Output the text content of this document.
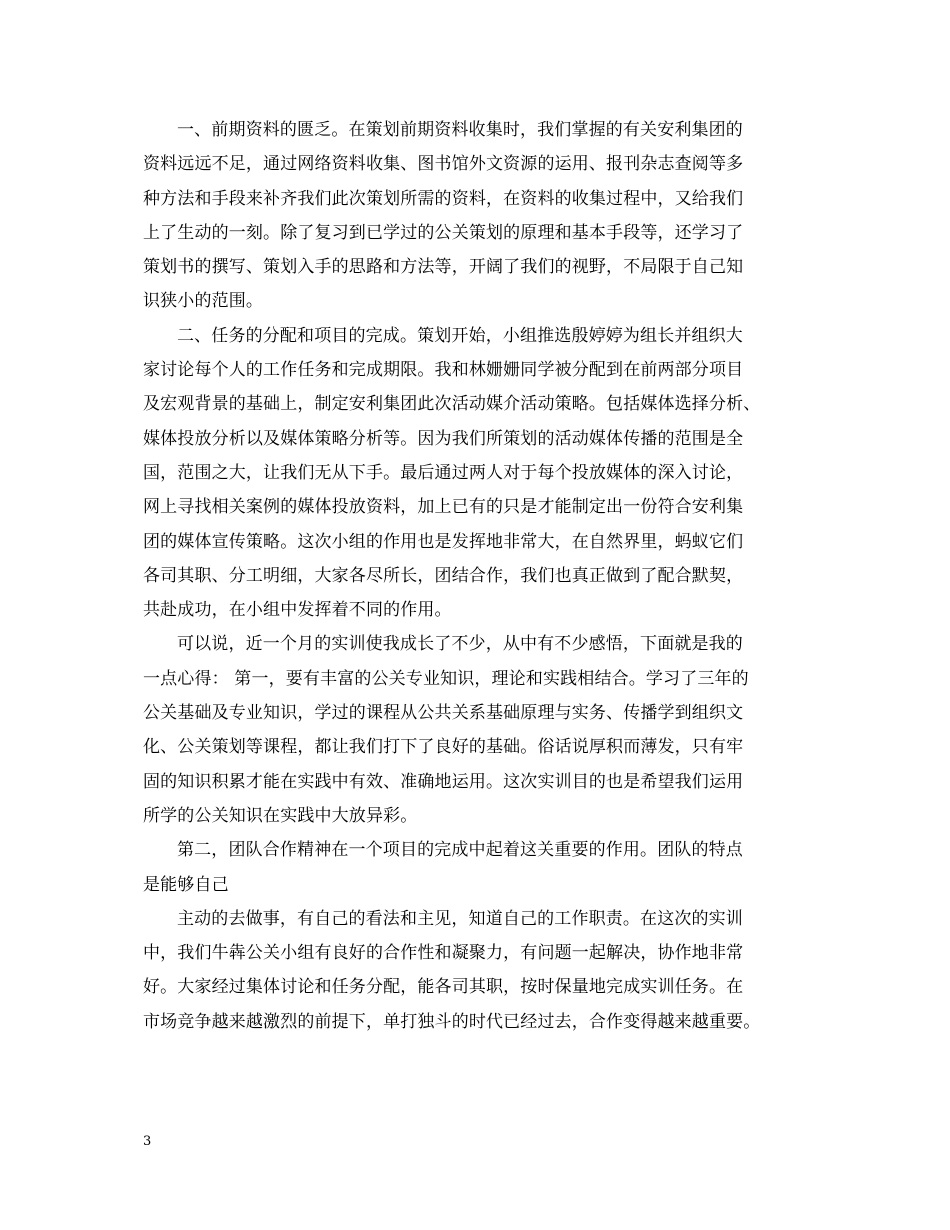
一、前期资料的匮乏。在策划前期资料收集时，我们掌握的有关安利集团的
资料远远不足，通过网络资料收集、图书馆外文资源的运用、报刊杂志查阅等多
种方法和手段来补齐我们此次策划所需的资料，在资料的收集过程中，又给我们
上了生动的一刻。除了复习到已学过的公关策划的原理和基本手段等，还学习了
策划书的撰写、策划入手的思路和方法等，开阔了我们的视野，不局限于自己知
识狭小的范围。
二、任务的分配和项目的完成。策划开始，小组推选殷婷婷为组长并组织大
家讨论每个人的工作任务和完成期限。我和林姗姗同学被分配到在前两部分项目
及宏观背景的基础上，制定安利集团此次活动媒介活动策略。包括媒体选择分析、
媒体投放分析以及媒体策略分析等。因为我们所策划的活动媒体传播的范围是全
国，范围之大，让我们无从下手。最后通过两人对于每个投放媒体的深入讨论，
网上寻找相关案例的媒体投放资料，加上已有的只是才能制定出一份符合安利集
团的媒体宣传策略。这次小组的作用也是发挥地非常大，在自然界里，蚂蚁它们
各司其职、分工明细，大家各尽所长，团结合作，我们也真正做到了配合默契，
共赴成功，在小组中发挥着不同的作用。
可以说，近一个月的实训使我成长了不少，从中有不少感悟，下面就是我的
一点心得： 第一，要有丰富的公关专业知识，理论和实践相结合。学习了三年的
公关基础及专业知识，学过的课程从公共关系基础原理与实务、传播学到组织文
化、公关策划等课程，都让我们打下了良好的基础。俗话说厚积而薄发，只有牢
固的知识积累才能在实践中有效、准确地运用。这次实训目的也是希望我们运用
所学的公关知识在实践中大放异彩。
第二，团队合作精神在一个项目的完成中起着这关重要的作用。团队的特点
是能够自己
主动的去做事，有自己的看法和主见，知道自己的工作职责。在这次的实训
中，我们牛犇公关小组有良好的合作性和凝聚力，有问题一起解决，协作地非常
好。大家经过集体讨论和任务分配，能各司其职，按时保量地完成实训任务。在
市场竞争越来越激烈的前提下，单打独斗的时代已经过去，合作变得越来越重要。
3
